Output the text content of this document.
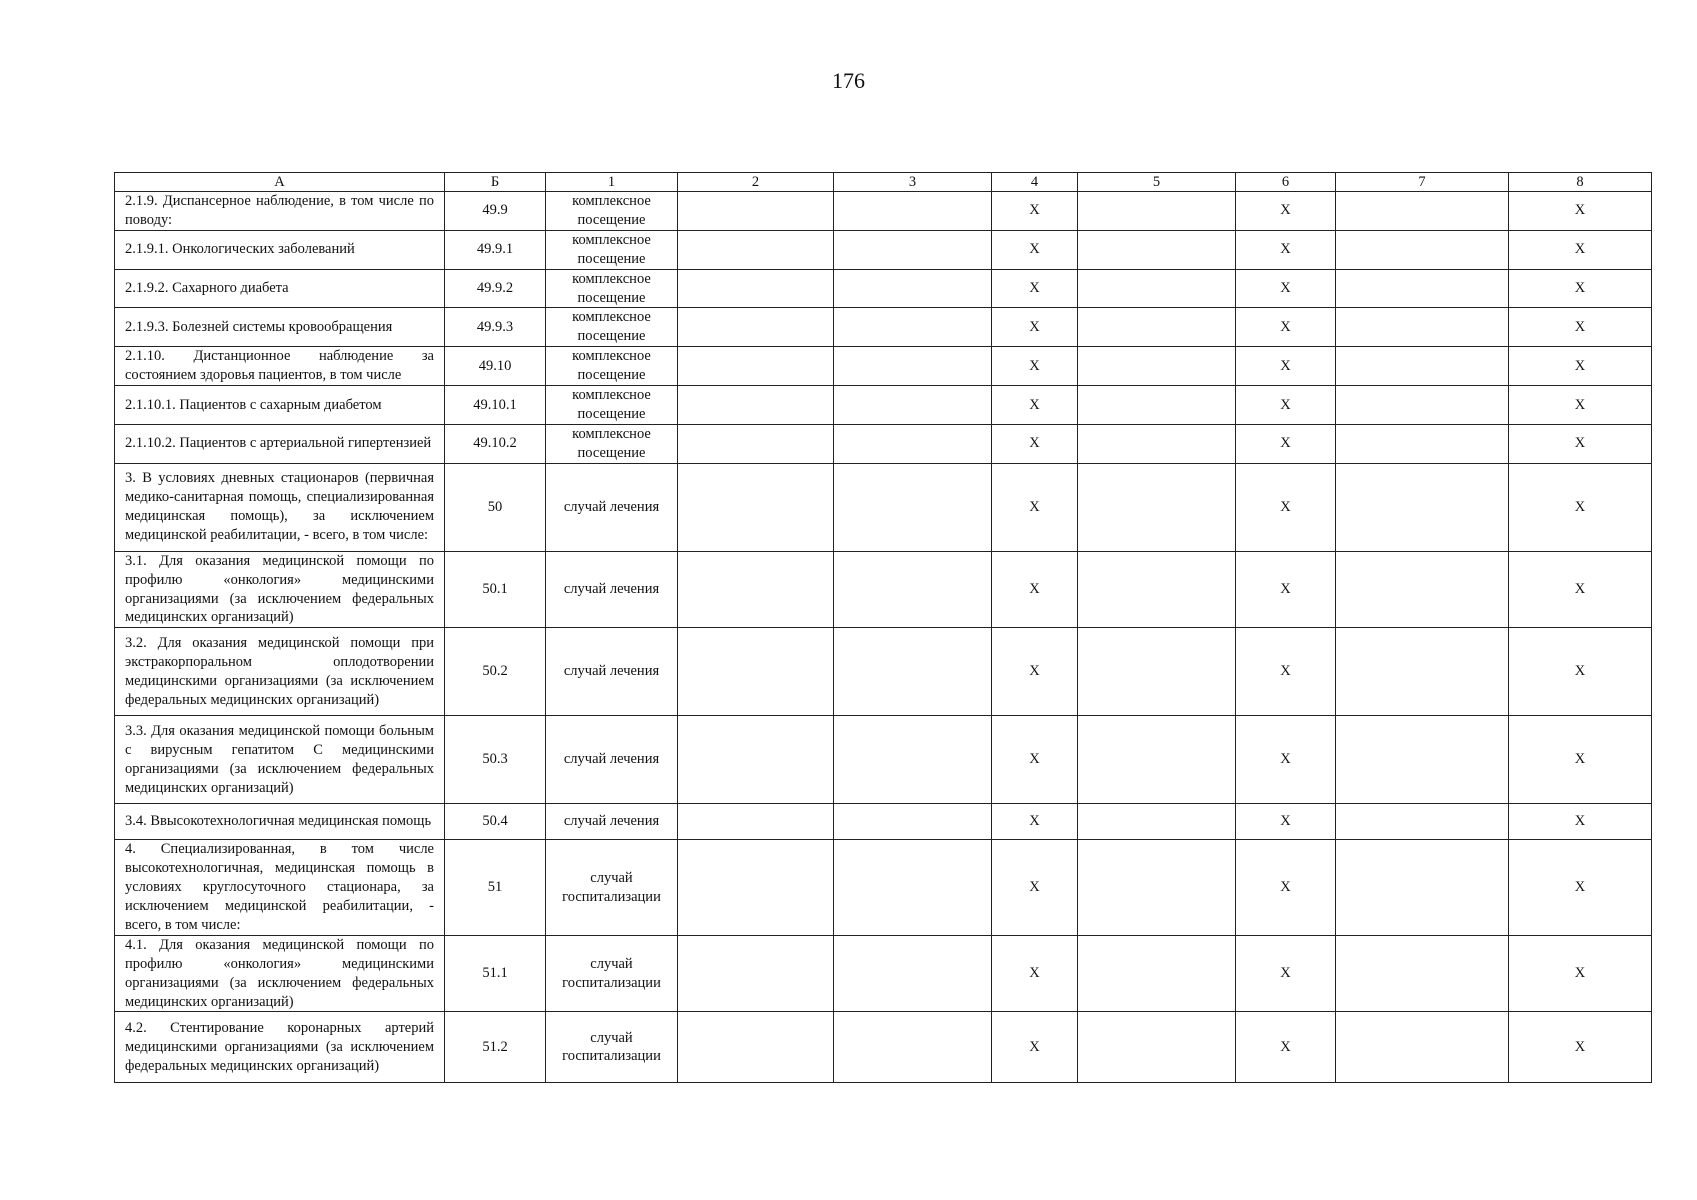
176
А	Б	1	2	3	4	5	6	7	8
2.1.9. Диспансерное наблюдение, в том числе по поводу:	49.9	комплексное посещение			Х		Х		Х
2.1.9.1. Онкологических заболеваний	49.9.1	комплексное посещение			Х		Х		Х
2.1.9.2. Сахарного диабета	49.9.2	комплексное посещение			Х		Х		Х
2.1.9.3. Болезней системы кровообращения	49.9.3	комплексное посещение			Х		Х		Х
2.1.10. Дистанционное наблюдение за состоянием здоровья пациентов, в том числе	49.10	комплексное посещение			Х		Х		Х
2.1.10.1. Пациентов с сахарным диабетом	49.10.1	комплексное посещение			Х		Х		Х
2.1.10.2. Пациентов с артериальной гипертензией	49.10.2	комплексное посещение			Х		Х		Х
3. В условиях дневных стационаров (первичная медико-санитарная помощь, специализированная медицинская помощь), за исключением медицинской реабилитации, - всего, в том числе:	50	случай лечения			Х		Х		Х
3.1. Для оказания медицинской помощи по профилю «онкология» медицинскими организациями (за исключением федеральных медицинских организаций)	50.1	случай лечения			Х		Х		Х
3.2. Для оказания медицинской помощи при экстракорпоральном оплодотворении медицинскими организациями (за исключением федеральных медицинских организаций)	50.2	случай лечения			Х		Х		Х
3.3. Для оказания медицинской помощи больным с вирусным гепатитом С медицинскими организациями (за исключением федеральных медицинских организаций)	50.3	случай лечения			Х		Х		Х
3.4. Ввысокотехнологичная медицинская помощь	50.4	случай лечения			Х		Х		Х
4. Специализированная, в том числе высокотехнологичная, медицинская помощь в условиях круглосуточного стационара, за исключением медицинской реабилитации, - всего, в том числе:	51	случай госпитализации			Х		Х		Х
4.1. Для оказания медицинской помощи по профилю «онкология» медицинскими организациями (за исключением федеральных медицинских организаций)	51.1	случай госпитализации			Х		Х		Х
4.2. Стентирование коронарных артерий медицинскими организациями (за исключением федеральных медицинских организаций)	51.2	случай госпитализации			Х		Х		Х
